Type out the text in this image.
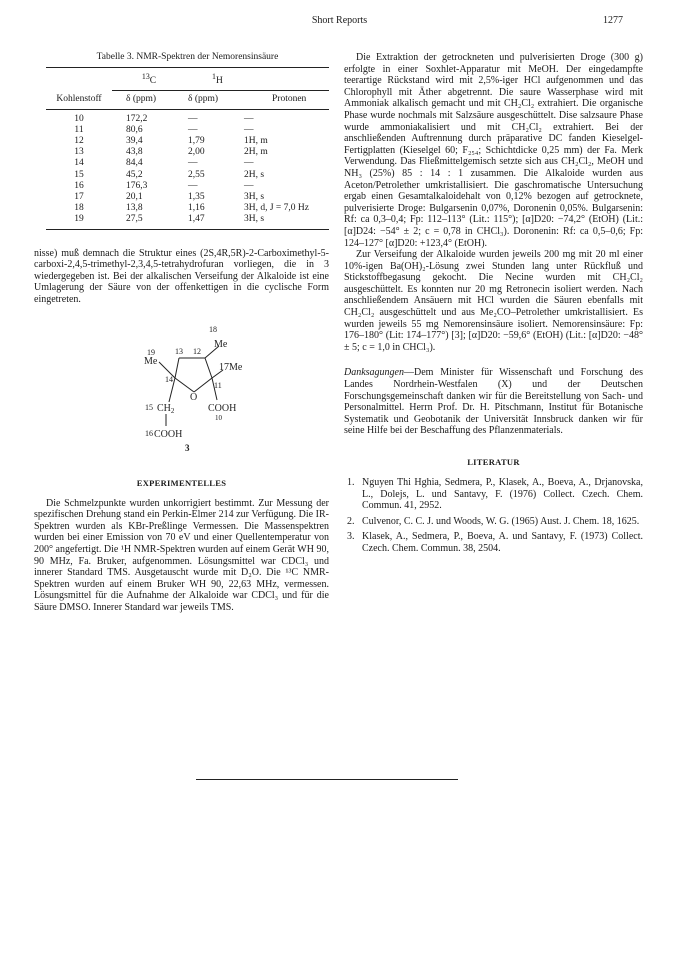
Short Reports	1277
Tabelle 3. NMR-Spektren der Nemorensinsäure

	$^{13}$C	$^1$H	
Kohlenstoff	δ (ppm)	δ (ppm)	Protonen
10	172,2	—	—
11	80,6	—	—
12	39,4	1,79	1H, m
13	43,8	2,00	2H, m
14	84,4	—	—
15	45,2	2,55	2H, s
16	176,3	—	—
17	20,1	1,35	3H, s
18	13,8	1,16	3H, d, J = 7,0 Hz
19	27,5	1,47	3H, s

nisse) muß demnach die Struktur eines (2S,4R,5R)-2-Carboximethyl-5-carboxi-2,4,5-trimethyl-2,3,4,5-tetrahydrofuran vorliegen, die in 3 wiedergegeben ist. Bei der alkalischen Verseifung der Alkaloide ist eine Umlagerung der Säure von der offenkettigen in die cyclische Form eingetreten.

18
Me
19	13 12
Me
17Me
14
11
O
15 $CH_2$	COOH
10
16 COOH
3
EXPERIMENTELLES

Die Schmelzpunkte wurden unkorrigiert bestimmt. Zur Messung der spezifischen Drehung stand ein Perkin-Elmer 214 zur Verfügung. Die IR-Spektren wurden als KBr-Preßlinge Vermessen. Die Massenspektren wurden bei einer Emission von 70 eV und einer Quellentemperatur von 200° angefertigt. Die ¹H NMR-Spektren wurden auf einem Gerät WH 90, 90 MHz, Fa. Bruker, aufgenommen. Lösungsmittel war CDCl₃ und innerer Standard TMS. Ausgetauscht wurde mit D₂O. Die ¹³C NMR-Spektren wurden auf einem Bruker WH 90, 22,63 MHz, vermessen. Lösungsmittel für die Aufnahme der Alkaloide war CDCl₃ und für die Säure DMSO. Innerer Standard war jeweils TMS.

Die Extraktion der getrockneten und pulverisierten Droge (300 g) erfolgte in einer Soxhlet-Apparatur mit MeOH. Der eingedampfte teerartige Rückstand wird mit 2,5%-iger HCl aufgenommen und das Chlorophyll mit Äther abgetrennt. Die saure Wasserphase wird mit Ammoniak alkalisch gemacht und mit CH₂Cl₂ extrahiert. Die organische Phase wurde nochmals mit Salzsäure ausgeschüttelt. Dise salzsaure Phase wurde ammoniakalisiert und mit CH₂Cl₂ extrahiert. Bei der anschließenden Auftrennung durch präparative DC fanden Kieselgel-Fertigplatten (Kieselgel 60; F₂₅₄; Schichtdicke 0,25 mm) der Fa. Merk Verwendung. Das Fließmittelgemisch setzte sich aus CH₂Cl₂, MeOH und NH₃ (25%) 85 : 14 : 1 zusammen. Die Alkaloide wurden aus Aceton/Petrolether umkristallisiert. Die gaschromatische Untersuchung ergab einen Gesamtalkaloidehalt von 0,12% bezogen auf getrocknete, pulverisierte Droge: Bulgarsenin 0,07%, Doronenin 0,05%. Bulgarsenin: Rf: ca 0,3–0,4; Fp: 112–113° (Lit.: 115°); [α]D20: −74,2° (EtOH) (Lit.: [α]D24: −54° ± 2; c = 0,78 in CHCl₃). Doronenin: Rf: ca 0,5–0,6; Fp: 124–127° [α]D20: +123,4° (EtOH).

Zur Verseifung der Alkaloide wurden jeweils 200 mg mit 20 ml einer 10%-igen Ba(OH)₂-Lösung zwei Stunden lang unter Rückfluß und Stickstoffbegasung gekocht. Die Necine wurden mit CH₂Cl₂ ausgeschüttelt. Es konnten nur 20 mg Retronecin isoliert werden. Nach anschließendem Ansäuern mit HCl wurden die Säuren ebenfalls mit CH₂Cl₂ ausgeschüttelt und aus Me₂CO–Petrolether umkristallisiert. Es wurden jeweils 55 mg Nemorensinsäure isoliert. Nemorensinsäure: Fp: 176–180° (Lit: 174–177°) [3]; [α]D20: −59,6° (EtOH) (Lit.: [α]D20: −48° ± 5; c = 1,0 in CHCl₃).

Danksagungen—Dem Minister für Wissenschaft und Forschung des Landes Nordrhein-Westfalen (X) und der Deutschen Forschungsgemeinschaft danken wir für die Bereitstellung von Sach- und Personalmittel. Herrn Prof. Dr. H. Pitschmann, Institut für Botanische Systematik und Geobotanik der Universität Innsbruck danken wir für seine Hilfe bei der Beschaffung des Pflanzenmaterials.

LITERATUR
1. Nguyen Thi Hghia, Sedmera, P., Klasek, A., Boeva, A., Drjanovska, L., Dolejs, L. und Santavy, F. (1976) Collect. Czech. Chem. Commun. 41, 2952.
2. Culvenor, C. C. J. und Woods, W. G. (1965) Aust. J. Chem. 18, 1625.
3. Klasek, A., Sedmera, P., Boeva, A. und Santavy, F. (1973) Collect. Czech. Chem. Commun. 38, 2504.
